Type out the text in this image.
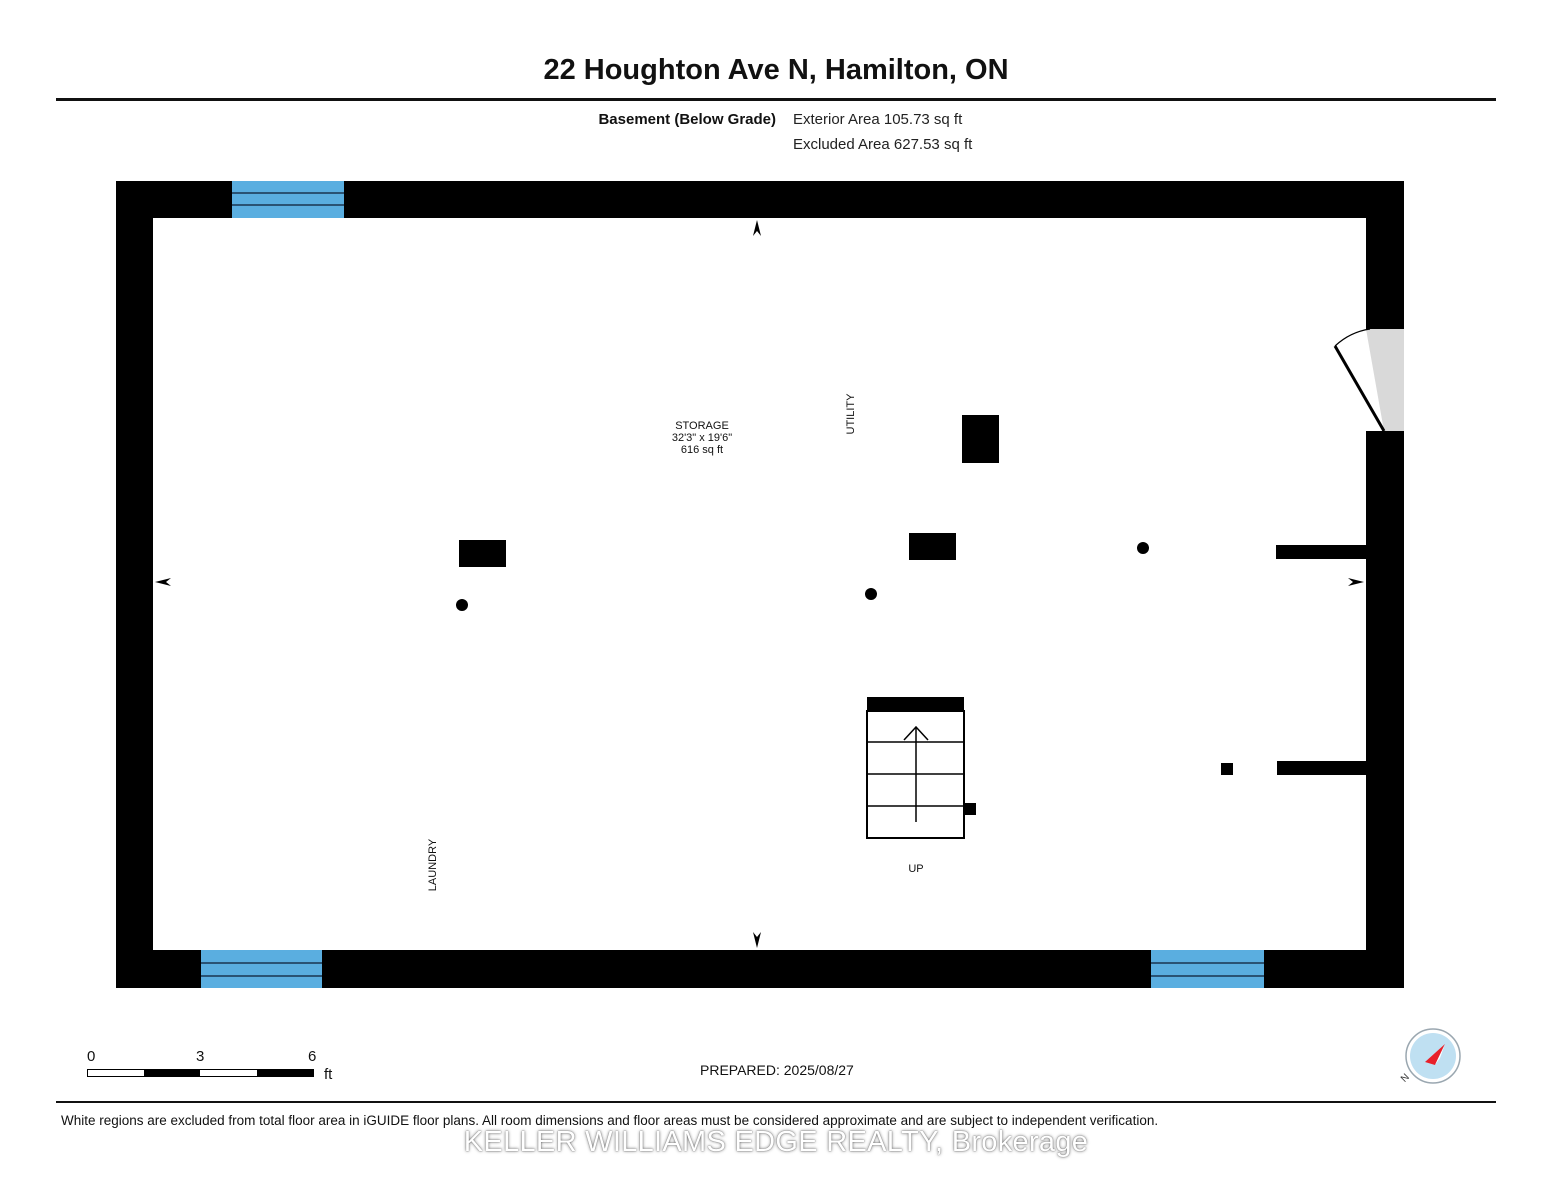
22 Houghton Ave N, Hamilton, ON
Basement (Below Grade) Exterior Area 105.73 sq ft
Excluded Area 627.53 sq ft
STORAGE
32'3" x 19'6"
616 sq ft
UTILITY
LAUNDRY	UP
0	3	6
ft	PREPARED: 2025/08/27
N
White regions are excluded from total floor area in iGUIDE floor plans. All room dimensions and floor areas must be considered approximate and are subject to independent verification.
KELLER WILLIAMS EDGE REALTY, Brokerage
